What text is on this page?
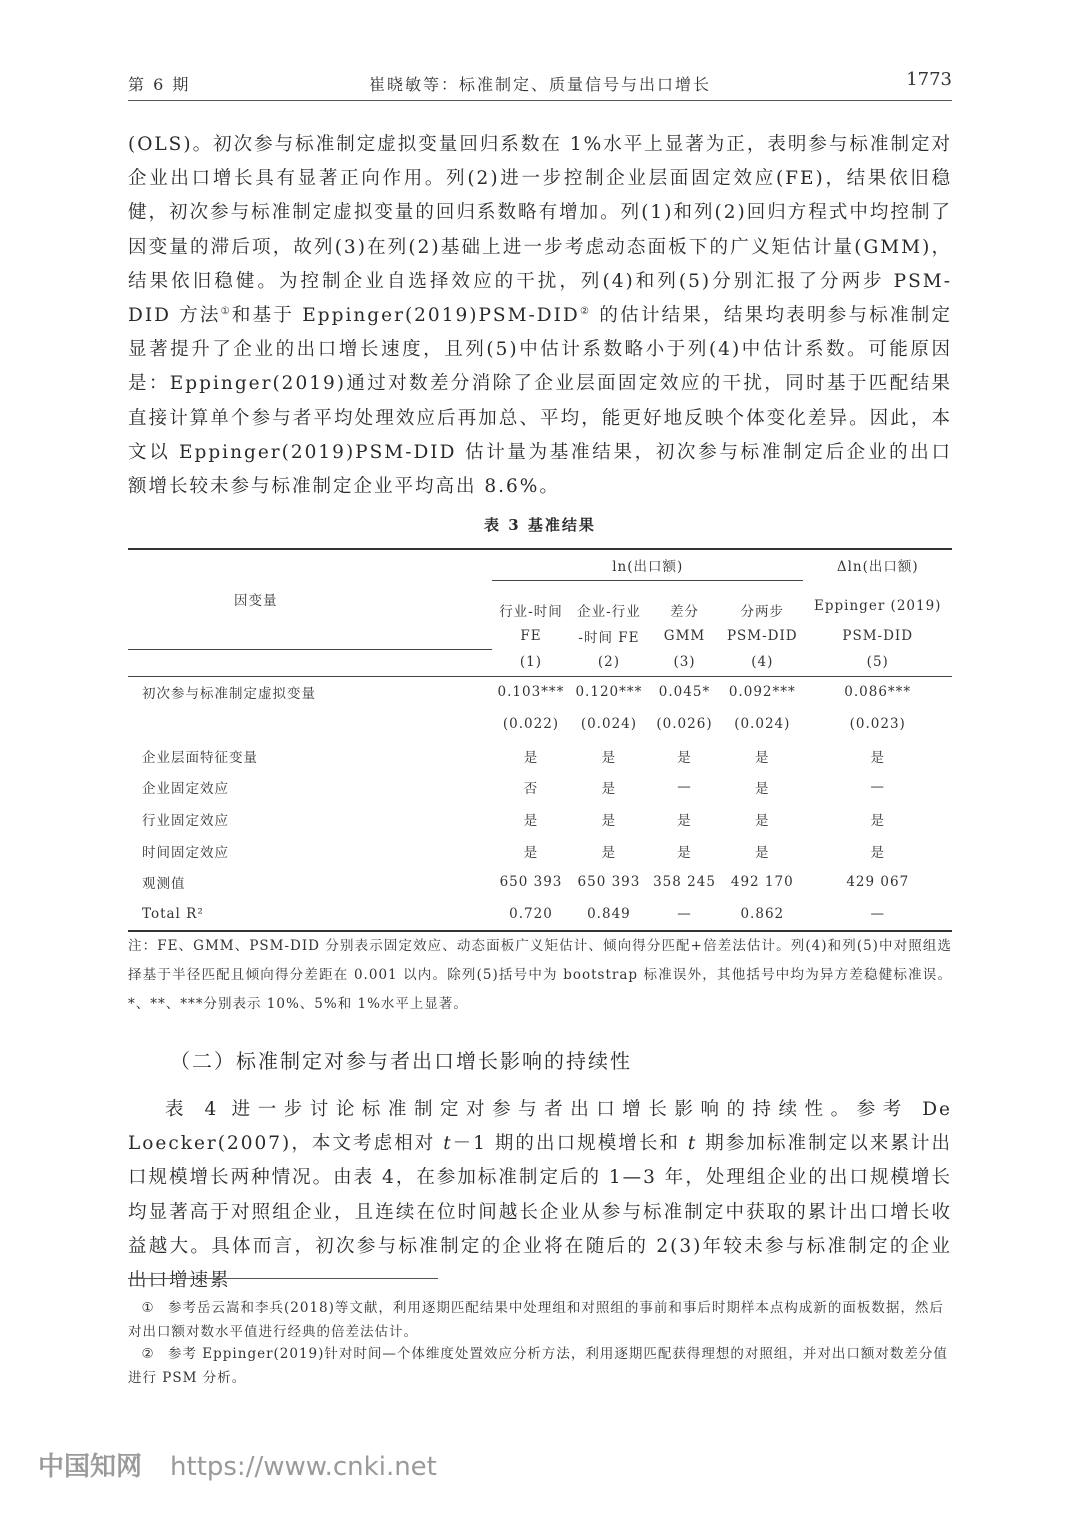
第 6 期	崔晓敏等：标准制定、质量信号与出口增长	1773
(OLS)。初次参与标准制定虚拟变量回归系数在 1%水平上显著为正，表明参与标准制定对企业出口增长具有显著正向作用。列(2)进一步控制企业层面固定效应(FE)，结果依旧稳健，初次参与标准制定虚拟变量的回归系数略有增加。列(1)和列(2)回归方程式中均控制了因变量的滞后项，故列(3)在列(2)基础上进一步考虑动态面板下的广义矩估计量(GMM)，结果依旧稳健。为控制企业自选择效应的干扰，列(4)和列(5)分别汇报了分两步 PSM-DID 方法①和基于 Eppinger(2019)PSM-DID② 的估计结果，结果均表明参与标准制定显著提升了企业的出口增长速度，且列(5)中估计系数略小于列(4)中估计系数。可能原因是：Eppinger(2019)通过对数差分消除了企业层面固定效应的干扰，同时基于匹配结果直接计算单个参与者平均处理效应后再加总、平均，能更好地反映个体变化差异。因此，本文以 Eppinger(2019)PSM-DID 估计量为基准结果，初次参与标准制定后企业的出口额增长较未参与标准制定企业平均高出 8.6%。
表 3 基准结果
因变量	ln(出口额)				Δln(出口额)
	行业-时间	企业-行业	差分	分两步	Eppinger (2019)
	FE	-时间 FE	GMM	PSM-DID	PSM-DID
	(1)	(2)	(3)	(4)	(5)
初次参与标准制定虚拟变量	0.103***	0.120***	0.045*	0.092***	0.086***
	(0.022)	(0.024)	(0.026)	(0.024)	(0.023)
企业层面特征变量	是	是	是	是	是
企业固定效应	否	是	—	是	—
行业固定效应	是	是	是	是	是
时间固定效应	是	是	是	是	是
观测值	650 393	650 393	358 245	492 170	429 067
Total R²	0.720	0.849	—	0.862	—
注：FE、GMM、PSM-DID 分别表示固定效应、动态面板广义矩估计、倾向得分匹配+倍差法估计。列(4)和列(5)中对照组选择基于半径匹配且倾向得分差距在 0.001 以内。除列(5)括号中为 bootstrap 标准误外，其他括号中均为异方差稳健标准误。*、**、***分别表示 10%、5%和 1%水平上显著。
（二）标准制定对参与者出口增长影响的持续性
表 4 进一步讨论标准制定对参与者出口增长影响的持续性。参考 De Loecker(2007)，本文考虑相对 t－1 期的出口规模增长和 t 期参加标准制定以来累计出口规模增长两种情况。由表 4，在参加标准制定后的 1—3 年，处理组企业的出口规模增长均显著高于对照组企业，且连续在位时间越长企业从参与标准制定中获取的累计出口增长收益越大。具体而言，初次参与标准制定的企业将在随后的 2(3)年较未参与标准制定的企业出口增速累
① 参考岳云嵩和李兵(2018)等文献，利用逐期匹配结果中处理组和对照组的事前和事后时期样本点构成新的面板数据，然后对出口额对数水平值进行经典的倍差法估计。
② 参考 Eppinger(2019)针对时间—个体维度处置效应分析方法，利用逐期匹配获得理想的对照组，并对出口额对数差分值进行 PSM 分析。
中国知网 https://www.cnki.net
